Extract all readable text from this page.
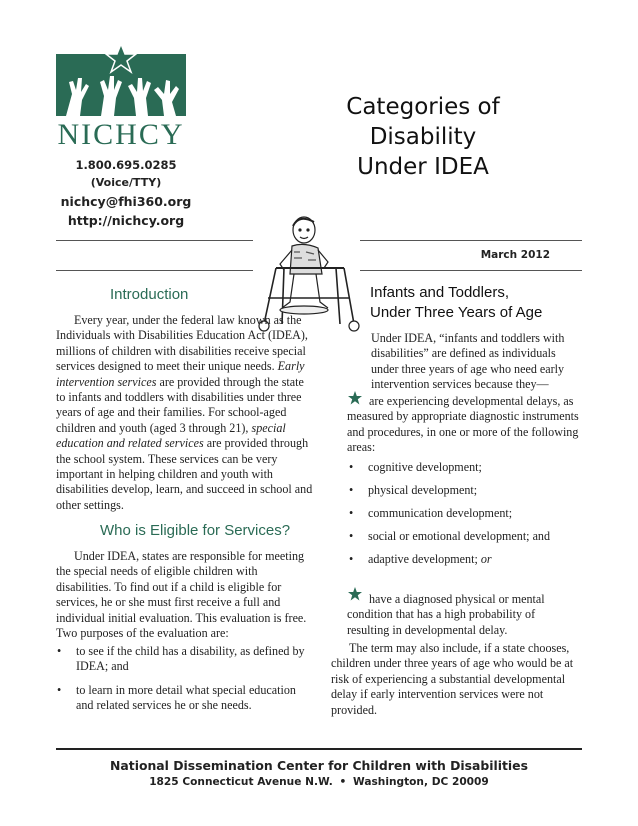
NICHCY
1.800.695.0285
(Voice/TTY)
nichcy@fhi360.org
http://nichcy.org
Categories of
Disability
Under IDEA
March 2012
Introduction
Every year, under the federal law known as the Individuals with Disabilities Education Act (IDEA), millions of children with disabilities receive special services designed to meet their unique needs. Early intervention services are provided through the state to infants and toddlers with disabilities under three years of age and their families. For school-aged children and youth (aged 3 through 21), special education and related services are provided through the school system. These services can be very important in helping children and youth with disabilities develop, learn, and succeed in school and other settings.
Who is Eligible for Services?
Under IDEA, states are responsible for meeting the special needs of eligible children with disabilities. To find out if a child is eligible for services, he or she must first receive a full and individual initial evaluation. This evaluation is free. Two purposes of the evaluation are:
• to see if the child has a disability, as defined by IDEA; and
• to learn in more detail what special education and related services he or she needs.
Infants and Toddlers,
Under Three Years of Age
Under IDEA, “infants and toddlers with disabilities” are defined as individuals under three years of age who need early intervention services because they—
are experiencing developmental delays, as measured by appropriate diagnostic instruments and procedures, in one or more of the following areas:
• cognitive development;
• physical development;
• communication development;
• social or emotional development; and
• adaptive development; or
have a diagnosed physical or mental condition that has a high probability of resulting in developmental delay.
The term may also include, if a state chooses, children under three years of age who would be at risk of experiencing a substantial developmental delay if early intervention services were not provided.
National Dissemination Center for Children with Disabilities
1825 Connecticut Avenue N.W. • Washington, DC 20009
